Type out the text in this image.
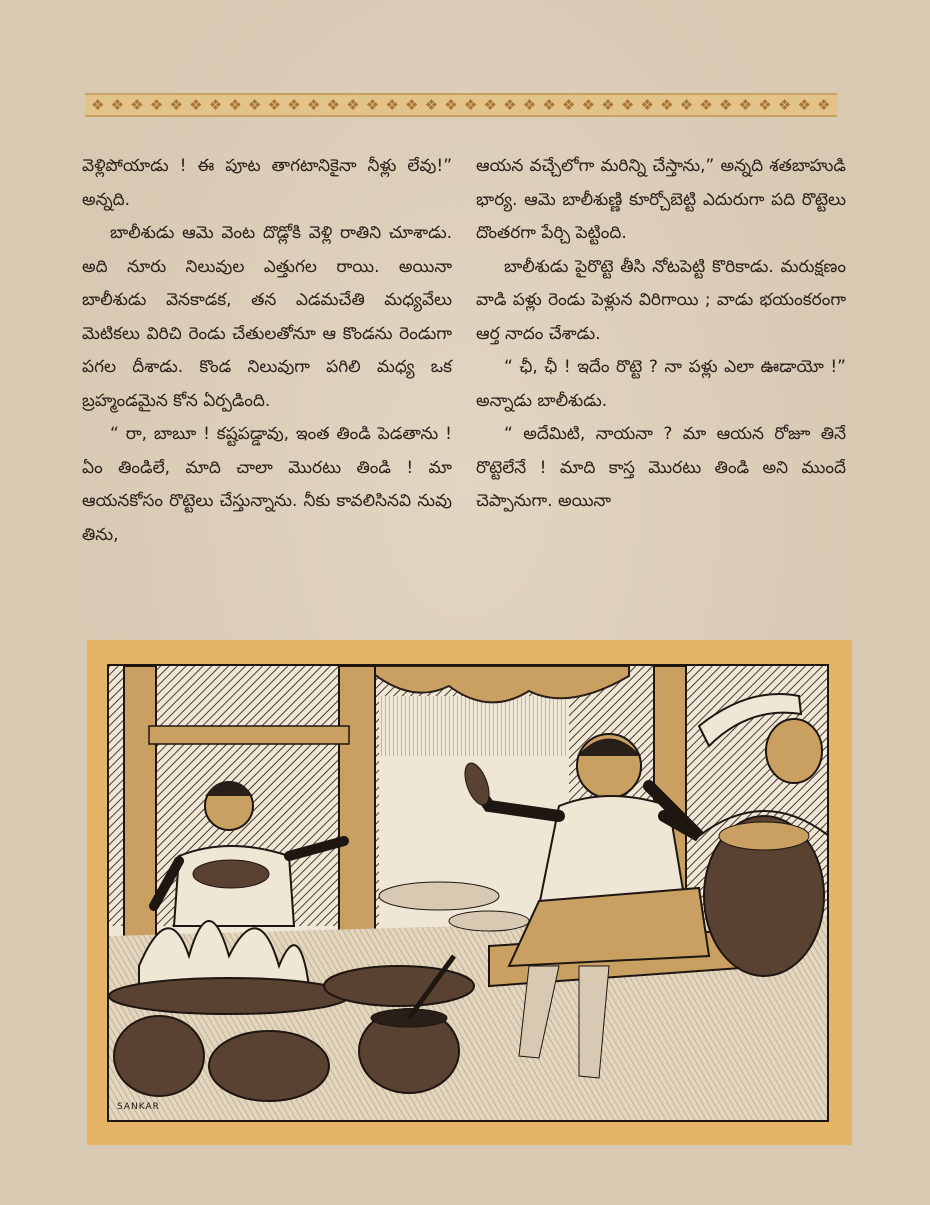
❖ ❖ ❖ ❖ ❖ ❖ ❖ ❖ ❖ ❖ ❖ ❖ ❖ ❖ ❖ ❖ ❖ ❖ ❖ ❖ ❖ ❖ ❖ ❖ ❖ ❖ ❖ ❖ ❖ ❖ ❖ ❖ ❖ ❖ ❖ ❖ ❖ ❖

వెళ్లిపోయాడు ! ఈ పూట తాగటానికైనా నీళ్లు లేవు!” అన్నది.

బాలీశుడు ఆమె వెంట దొడ్లోకి వెళ్లి రాతిని చూశాడు. అది నూరు నిలువుల ఎత్తుగల రాయి. అయినా బాలీశుడు వెనకాడక, తన ఎడమచేతి మధ్యవేలు మెటికలు విరిచి రెండు చేతులతోనూ ఆ కొండను రెండుగా పగల దీశాడు. కొండ నిలువుగా పగిలి మధ్య ఒక బ్రహ్మండమైన కోన ఏర్పడింది.

“ రా, బాబూ ! కష్టపడ్డావు, ఇంత తిండి పెడతాను ! ఏం తిండిలే, మాది చాలా మొరటు తిండి ! మా ఆయనకోసం రొట్టెలు చేస్తున్నాను. నీకు కావలిసినవి నువు తిను,

ఆయన వచ్చేలోగా మరిన్ని చేస్తాను,” అన్నది శతబాహుడి భార్య. ఆమె బాలీశుణ్ణి కూర్చోబెట్టి ఎదురుగా పది రొట్టెలు దొంతరగా పేర్చి పెట్టింది.

బాలీశుడు పైరొట్టె తీసి నోటపెట్టి కొరికాడు. మరుక్షణం వాడి పళ్లు రెండు పెళ్లున విరిగాయి ; వాడు భయంకరంగా ఆర్త నాదం చేశాడు.

“ ఛీ, ఛీ ! ఇదేం రొట్టె ? నా పళ్లు ఎలా ఊడాయో !” అన్నాడు బాలీశుడు.

“ అదేమిటి, నాయనా ? మా ఆయన రోజూ తినే రొట్టెలేనే ! మాది కాస్త మొరటు తిండి అని ముందే చెప్పానుగా. అయినా

SANKAR
